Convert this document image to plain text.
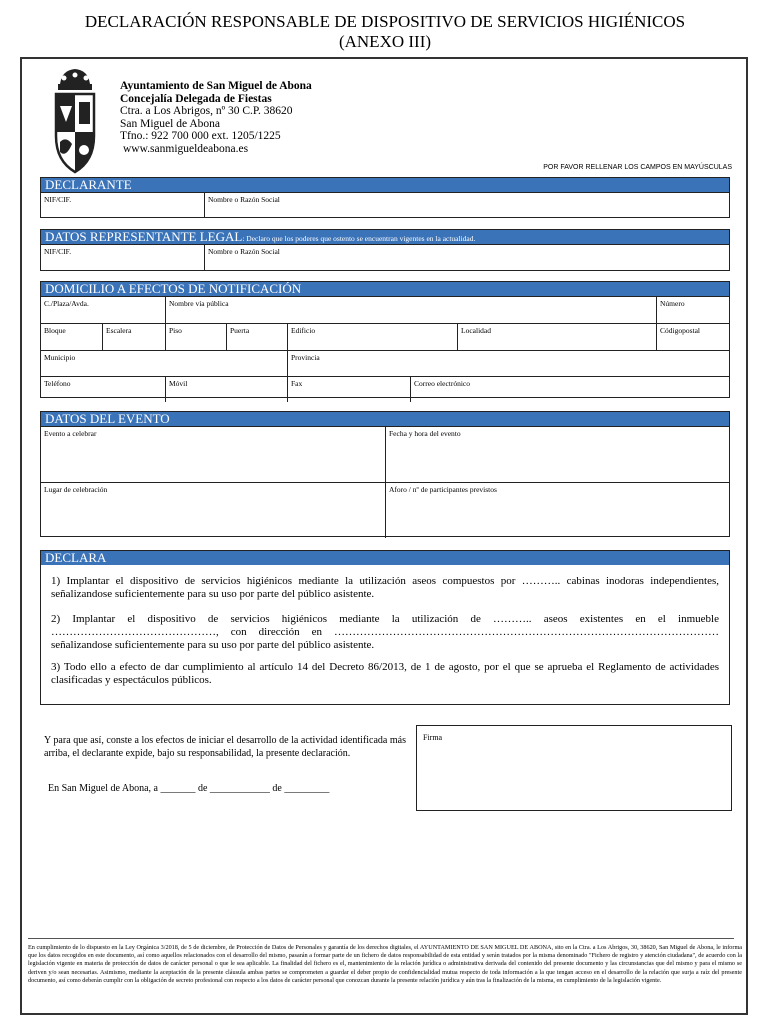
DECLARACIÓN RESPONSABLE DE DISPOSITIVO DE SERVICIOS HIGIÉNICOS
(ANEXO III)
Ayuntamiento de San Miguel de Abona
Concejalía Delegada de Fiestas
Ctra. a Los Abrigos, nº 30 C.P. 38620
San Miguel de Abona
Tfno.: 922 700 000 ext. 1205/1225
www.sanmigueldeabona.es
POR FAVOR RELLENAR LOS CAMPOS EN MAYÚSCULAS
DECLARANTE
NIF/CIF.	Nombre o Razón Social
DATOS REPRESENTANTE LEGAL: Declaro que los poderes que ostento se encuentran vigentes en la actualidad.
NIF/CIF.	Nombre o Razón Social
DOMICILIO A EFECTOS DE NOTIFICACIÓN
C./Plaza/Avda.	Nombre vía pública	Número
Bloque	Escalera	Piso	Puerta	Edificio	Localidad	Códigopostal
Municipio	Provincia
Teléfono	Móvil	Fax	Correo electrónico
DATOS DEL EVENTO
Evento a celebrar	Fecha y hora del evento
Lugar de celebración	Aforo / nº de participantes previstos
DECLARA
1) Implantar el dispositivo de servicios higiénicos mediante la utilización aseos compuestos por ……….. cabinas inodoras independientes, señalizandose suficientemente para su uso por parte del público asistente.
2) Implantar el dispositivo de servicios higiénicos mediante la utilización de ……….. aseos existentes en el inmueble ………………………………………, con dirección en …………………………………………………………………………………………… señalizandose suficientemente para su uso por parte del público asistente.
3) Todo ello a efecto de dar cumplimiento al artículo 14 del Decreto 86/2013, de 1 de agosto, por el que se aprueba el Reglamento de actividades clasificadas y espectáculos públicos.
Y para que así, conste a los efectos de iniciar el desarrollo de la actividad identificada más arriba, el declarante expide, bajo su responsabilidad, la presente declaración.
En San Miguel de Abona, a _______ de ____________ de _________
Firma
En cumplimiento de lo dispuesto en la Ley Orgánica 3/2018, de 5 de diciembre, de Protección de Datos de Personales y garantía de los derechos digitales, el AYUNTAMIENTO DE SAN MIGUEL DE ABONA, sito en la Ctra. a Los Abrigos, 30, 38620, San Miguel de Abona, le informa que los datos recogidos en este documento, así como aquellos relacionados con el desarrollo del mismo, pasarán a formar parte de un fichero de datos responsabilidad de esta entidad y serán tratados por la misma denominado "Fichero de registro y atención ciudadana", de acuerdo con la legislación vigente en materia de protección de datos de carácter personal o que le sea aplicable. La finalidad del fichero es el, mantenimiento de la relación jurídica o administrativa derivada del contenido del presente documento y las circunstancias que del mismo y para el mismo se deriven y/o sean necesarias. Asimismo, mediante la aceptación de la presente cláusula ambas partes se comprometen a guardar el deber propio de confidencialidad mutua respecto de toda información a la que tengan acceso en el desarrollo de la relación que surja a raíz del presente documento, así como deberán cumplir con la obligación de secreto profesional con respecto a los datos de carácter personal que conozcan durante la presente relación jurídica y aún tras la finalización de la misma, en cumplimiento de la legislación vigente.
